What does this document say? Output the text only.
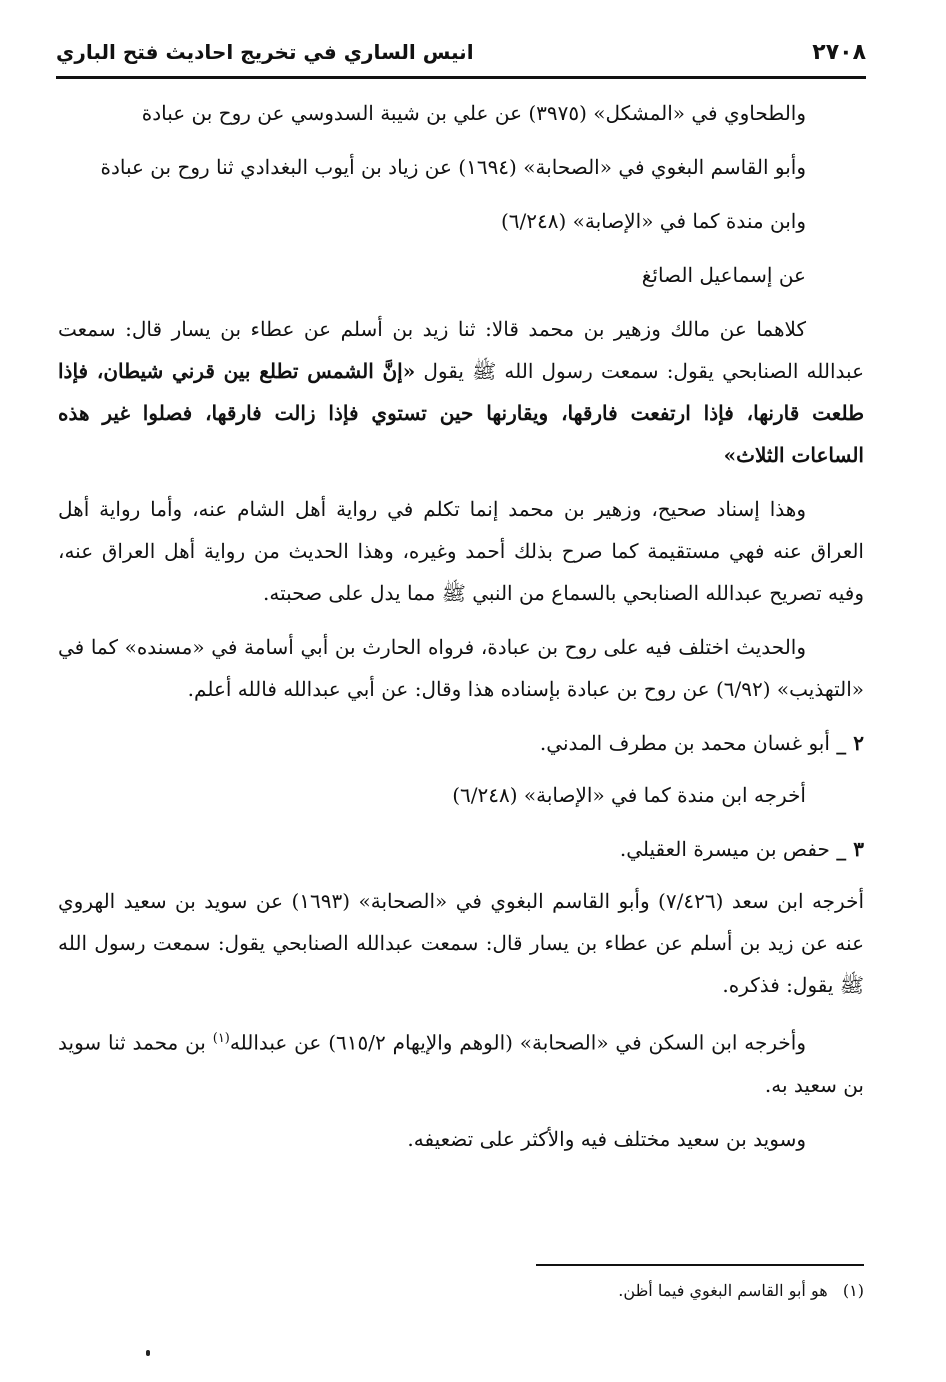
٢٧٠٨
انيس الساري في تخريج احاديث فتح الباري

والطحاوي في «المشكل» (٣٩٧٥) عن علي بن شيبة السدوسي عن روح بن عبادة

وأبو القاسم البغوي في «الصحابة» (١٦٩٤) عن زياد بن أيوب البغدادي ثنا روح بن عبادة

وابن مندة كما في «الإصابة» (٦/٢٤٨)

عن إسماعيل الصائغ

كلاهما عن مالك وزهير بن محمد قالا: ثنا زيد بن أسلم عن عطاء بن يسار قال: سمعت عبدالله الصنابحي يقول: سمعت رسول الله ﷺ يقول «إنَّ الشمس تطلع بين قرني شيطان، فإذا طلعت قارنها، فإذا ارتفعت فارقها، ويقارنها حين تستوي فإذا زالت فارقها، فصلوا غير هذه الساعات الثلاث»

وهذا إسناد صحيح، وزهير بن محمد إنما تكلم في رواية أهل الشام عنه، وأما رواية أهل العراق عنه فهي مستقيمة كما صرح بذلك أحمد وغيره، وهذا الحديث من رواية أهل العراق عنه، وفيه تصريح عبدالله الصنابحي بالسماع من النبي ﷺ مما يدل على صحبته.

والحديث اختلف فيه على روح بن عبادة، فرواه الحارث بن أبي أسامة في «مسنده» كما في «التهذيب» (٦/٩٢) عن روح بن عبادة بإسناده هذا وقال: عن أبي عبدالله فالله أعلم.

٢ _ أبو غسان محمد بن مطرف المدني.

أخرجه ابن مندة كما في «الإصابة» (٦/٢٤٨)

٣ _ حفص بن ميسرة العقيلي.

أخرجه ابن سعد (٧/٤٢٦) وأبو القاسم البغوي في «الصحابة» (١٦٩٣) عن سويد بن سعيد الهروي عنه عن زيد بن أسلم عن عطاء بن يسار قال: سمعت عبدالله الصنابحي يقول: سمعت رسول الله ﷺ يقول: فذكره.

وأخرجه ابن السكن في «الصحابة» (الوهم والإيهام ٦١٥/٢) عن عبدالله$^{(١)}$ بن محمد ثنا سويد بن سعيد به.

وسويد بن سعيد مختلف فيه والأكثر على تضعيفه.

(١)   هو أبو القاسم البغوي فيما أظن.
